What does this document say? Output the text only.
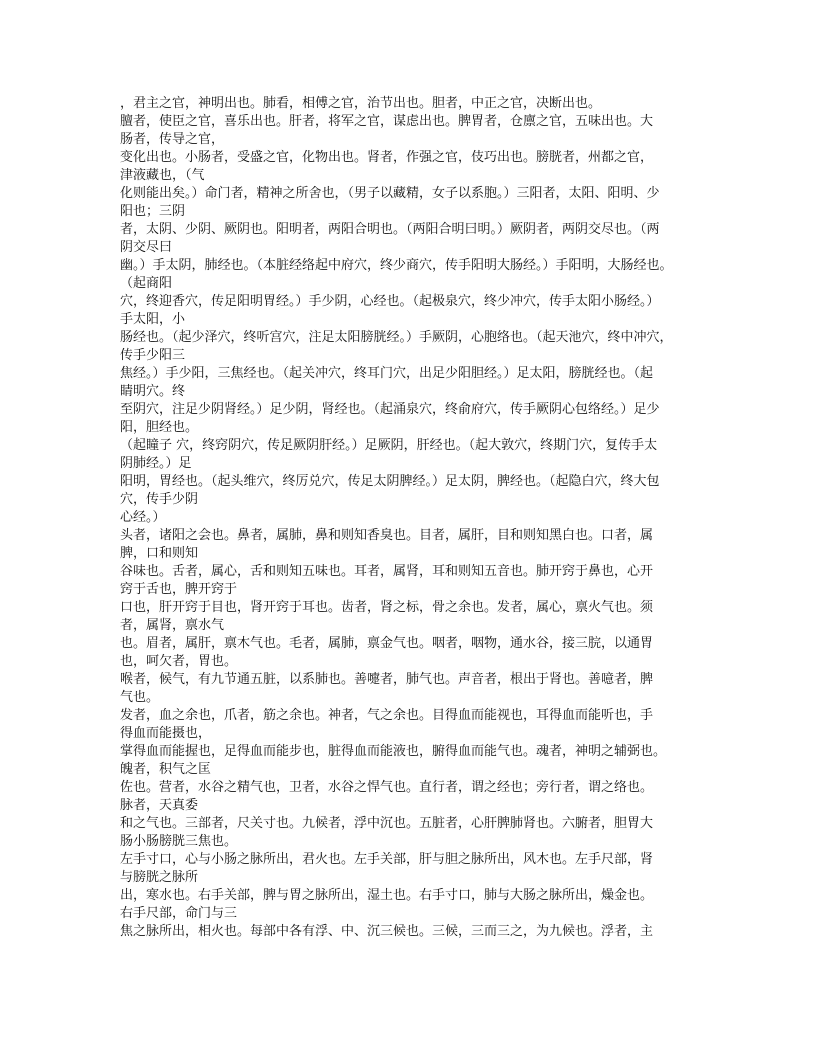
，君主之官，神明出也。肺看，相傅之官，治节出也。胆者，中正之官，决断出也。
膻者，使臣之官，喜乐出也。肝者，将军之官，谋虑出也。脾胃者，仓廪之官，五味出也。大
肠者，传导之官，
变化出也。小肠者，受盛之官，化物出也。肾者，作强之官，伎巧出也。膀胱者，州都之官，
津液藏也，（气
化则能出矣。）命门者，精神之所舍也，（男子以藏精，女子以系胞。）三阳者，太阳、阳明、少
阳也；三阴
者，太阴、少阴、厥阴也。阳明者，两阳合明也。（两阳合明曰明。）厥阴者，两阴交尽也。（两
阴交尽曰
幽。）手太阴，肺经也。（本脏经络起中府穴，终少商穴，传手阳明大肠经。）手阳明，大肠经也。
（起商阳
穴，终迎香穴，传足阳明胃经。）手少阴，心经也。（起极泉穴，终少冲穴，传手太阳小肠经。）
手太阳，小
肠经也。（起少泽穴，终听宫穴，注足太阳膀胱经。）手厥阴，心胞络也。（起天池穴，终中冲穴，
传手少阳三
焦经。）手少阳，三焦经也。（起关冲穴，终耳门穴，出足少阳胆经。）足太阳，膀胱经也。（起
睛明穴。终
至阴穴，注足少阴肾经。）足少阴，肾经也。（起涌泉穴，终俞府穴，传手厥阴心包络经。）足少
阳，胆经也。
（起瞳子 穴，终窍阴穴，传足厥阴肝经。）足厥阴，肝经也。（起大敦穴，终期门穴，复传手太
阴肺经。）足
阳明，胃经也。（起头维穴，终厉兑穴，传足太阴脾经。）足太阴，脾经也。（起隐白穴，终大包
穴，传手少阴
心经。）
头者，诸阳之会也。鼻者，属肺，鼻和则知香臭也。目者，属肝，目和则知黑白也。口者，属
脾，口和则知
谷味也。舌者，属心，舌和则知五味也。耳者，属肾，耳和则知五音也。肺开窍于鼻也，心开
窍于舌也，脾开窍于
口也，肝开窍于目也，肾开窍于耳也。齿者，肾之标，骨之余也。发者，属心，禀火气也。须
者，属肾，禀水气
也。眉者，属肝，禀木气也。毛者，属肺，禀金气也。咽者，咽物，通水谷，接三脘，以通胃
也，呵欠者，胃也。
喉者，候气，有九节通五脏，以系肺也。善嚏者，肺气也。声音者，根出于肾也。善噫者，脾
气也。
发者，血之余也，爪者，筋之余也。神者，气之余也。目得血而能视也，耳得血而能听也，手
得血而能摄也，
掌得血而能握也，足得血而能步也，脏得血而能液也，腑得血而能气也。魂者，神明之辅弼也。
魄者，积气之匡
佐也。营者，水谷之精气也，卫者，水谷之悍气也。直行者，谓之经也；旁行者，谓之络也。
脉者，天真委
和之气也。三部者，尺关寸也。九候者，浮中沉也。五脏者，心肝脾肺肾也。六腑者，胆胃大
肠小肠膀胱三焦也。
左手寸口，心与小肠之脉所出，君火也。左手关部，肝与胆之脉所出，风木也。左手尺部，肾
与膀胱之脉所
出，寒水也。右手关部，脾与胃之脉所出，湿土也。右手寸口，肺与大肠之脉所出，燥金也。
右手尺部，命门与三
焦之脉所出，相火也。每部中各有浮、中、沉三候也。三候，三而三之，为九候也。浮者，主
